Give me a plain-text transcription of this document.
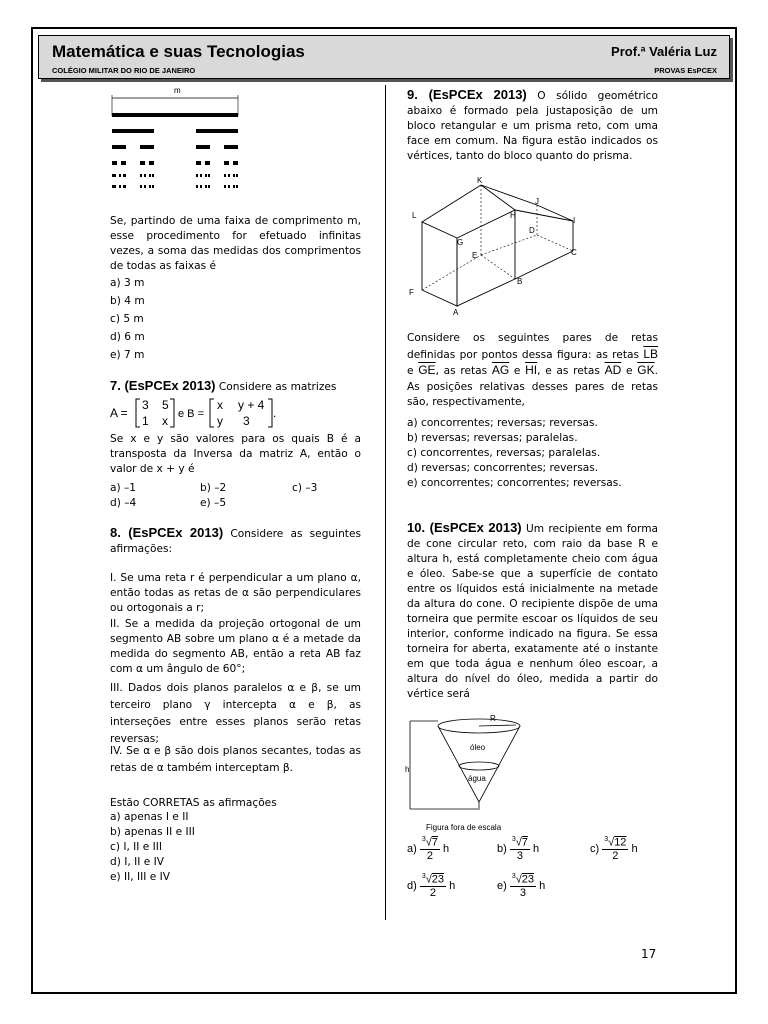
Matemática e suas Tecnologias
COLÉGIO MILITAR DO RIO DE JANEIRO
Prof.ª Valéria Luz
PROVAS EsPCEX
m
Se, partindo de uma faixa de comprimento m, esse procedimento for efetuado infinitas vezes, a soma das medidas dos comprimentos de todas as faixas é
a) 3 m
b) 4 m
c) 5 m
d) 6 m
e) 7 m
7. (EsPCEx 2013) Considere as matrizes
A =
3 5
1 x e B =
x y + 4
y 3
.
Se x e y são valores para os quais B é a transposta da Inversa da matriz A, então o valor de x + y é
a) –1	b) –2	c) –3
d) –4	e) –5
8. (EsPCEx 2013) Considere as seguintes afirmações:
I. Se uma reta r é perpendicular a um plano α, então todas as retas de α são perpendiculares ou ortogonais a r;
II. Se a medida da projeção ortogonal de um segmento AB sobre um plano α é a metade da medida do segmento AB, então a reta AB faz com α um ângulo de 60°;
III. Dados dois planos paralelos α e β, se um terceiro plano γ intercepta α e β, as interseções entre esses planos serão retas reversas;
IV. Se α e β são dois planos secantes, todas as retas de α também interceptam β.
Estão CORRETAS as afirmações
a) apenas I e II
b) apenas II e III
c) I, II e III
d) I, II e IV
e) II, III e IV
9. (EsPCEx 2013) O sólido geométrico abaixo é formado pela justaposição de um bloco retangular e um prisma reto, com uma face em comum. Na figura estão indicados os vértices, tanto do bloco quanto do prisma.
K
J
L	H
I
D
G
E	C
B
F
A
Considere os seguintes pares de retas definidas por pontos dessa figura: as retas $\overline{LB}$ e $\overline{GE}$, as retas $\overline{AG}$ e $\overline{HI}$, e as retas $\overline{AD}$ e $\overline{GK}$. As posições relativas desses pares de retas são, respectivamente,
a) concorrentes; reversas; reversas.
b) reversas; reversas; paralelas.
c) concorrentes, reversas; paralelas.
d) reversas; concorrentes; reversas.
e) concorrentes; concorrentes; reversas.
10. (EsPCEx 2013) Um recipiente em forma de cone circular reto, com raio da base R e altura h, está completamente cheio com água e óleo. Sabe-se que a superfície de contato entre os líquidos está inicialmente na metade da altura do cone. O recipiente dispõe de uma torneira que permite escoar os líquidos de seu interior, conforme indicado na figura. Se essa torneira for aberta, exatamente até o instante em que toda água e nenhum óleo escoar, a altura do nível do óleo, medida a partir do vértice será
R
h
óleo
água
Figura fora de escala
$a) \frac{^3√7}{2}$ h	$b) \frac{^3√7}{3}$ h	$c) \frac{^3√12}{2}$ h
$d) \frac{^3√23}{2}$ h	$e) \frac{^3√23}{3}$ h
17
